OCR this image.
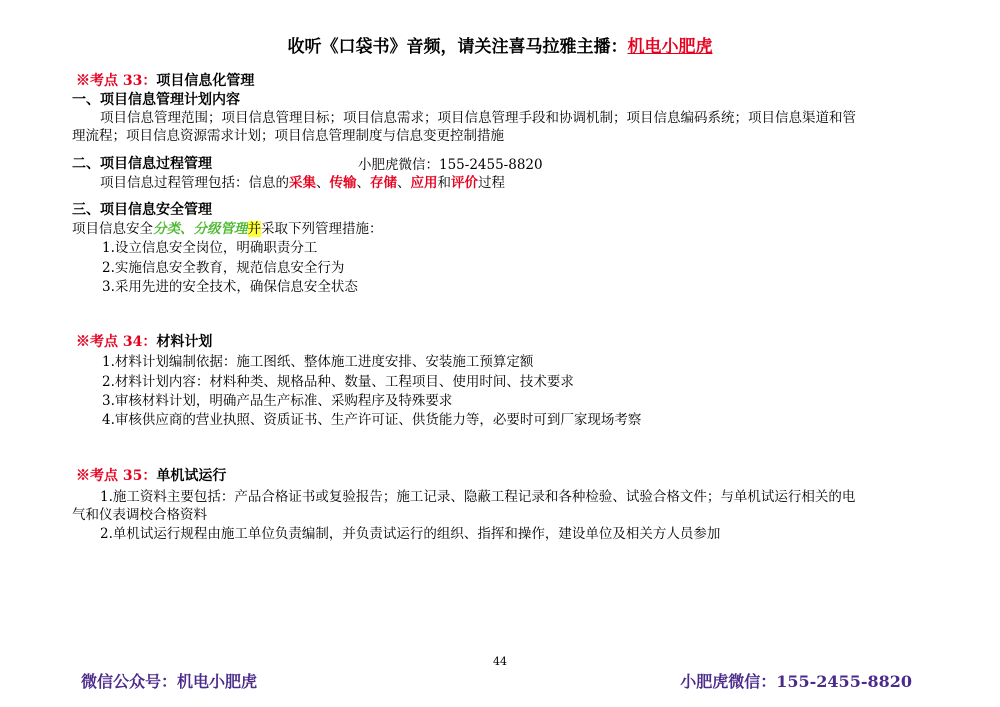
收听《口袋书》音频，请关注喜马拉雅主播：机电小肥虎
※考点 33：项目信息化管理
一、项目信息管理计划内容
项目信息管理范围；项目信息管理目标；项目信息需求；项目信息管理手段和协调机制；项目信息编码系统；项目信息渠道和管
理流程；项目信息资源需求计划；项目信息管理制度与信息变更控制措施
二、项目信息过程管理	小肥虎微信：155-2455-8820
项目信息过程管理包括：信息的采集、传输、存储、应用和评价过程
三、项目信息安全管理
项目信息安全分类、分级管理并采取下列管理措施：
1.设立信息安全岗位，明确职责分工
2.实施信息安全教育，规范信息安全行为
3.采用先进的安全技术，确保信息安全状态
※考点 34：材料计划
1.材料计划编制依据：施工图纸、整体施工进度安排、安装施工预算定额
2.材料计划内容：材料种类、规格品种、数量、工程项目、使用时间、技术要求
3.审核材料计划，明确产品生产标准、采购程序及特殊要求
4.审核供应商的营业执照、资质证书、生产许可证、供货能力等，必要时可到厂家现场考察
※考点 35：单机试运行
1.施工资料主要包括：产品合格证书或复验报告；施工记录、隐蔽工程记录和各种检验、试验合格文件；与单机试运行相关的电
气和仪表调校合格资料
2.单机试运行规程由施工单位负责编制，并负责试运行的组织、指挥和操作，建设单位及相关方人员参加
44
微信公众号：机电小肥虎	小肥虎微信：155-2455-8820
